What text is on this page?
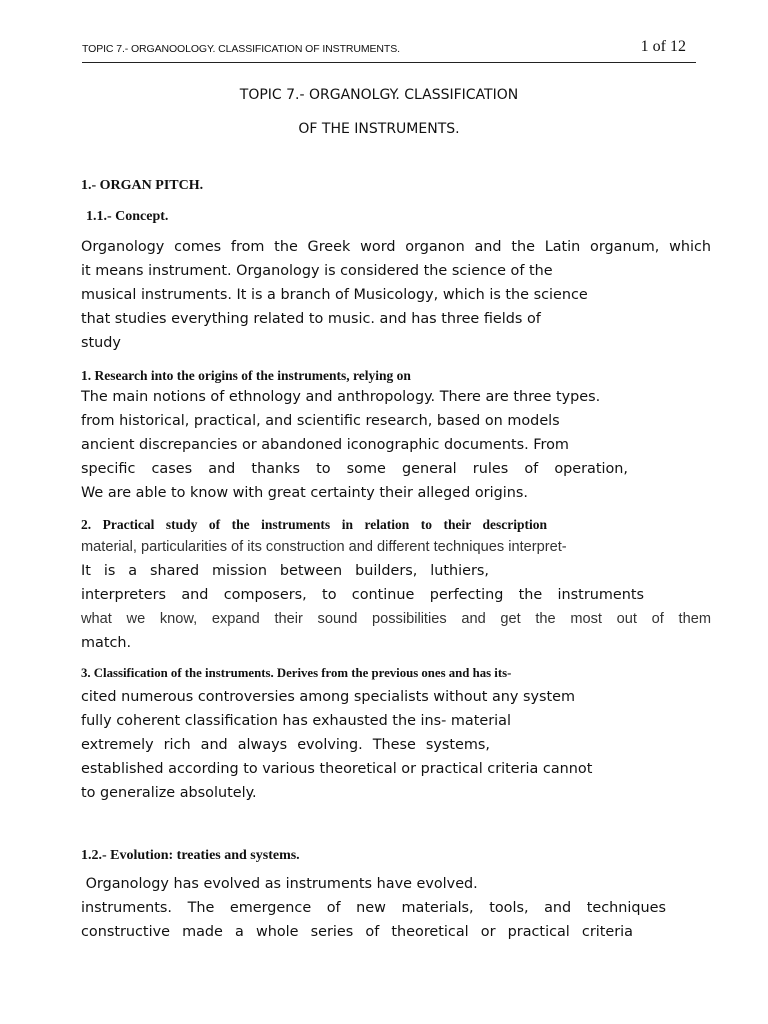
TOPIC 7.- ORGANOOLOGY. CLASSIFICATION OF INSTRUMENTS.	1 of 12
TOPIC 7.- ORGANOLGY. CLASSIFICATION
OF THE INSTRUMENTS.
1.- ORGAN PITCH.
1.1.- Concept.
Organology comes from the Greek word organon and the Latin organum, which
it means instrument. Organology is considered the science of the
musical instruments. It is a branch of Musicology, which is the science
that studies everything related to music. and has three fields of
study
1. Research into the origins of the instruments, relying on
The main notions of ethnology and anthropology. There are three types.
from historical, practical, and scientific research, based on models
ancient discrepancies or abandoned iconographic documents. From
specific cases and thanks to some general rules of operation,
We are able to know with great certainty their alleged origins.
2. Practical study of the instruments in relation to their description
material, particularities of its construction and different techniques interpret-
It is a shared mission between builders, luthiers,
interpreters and composers, to continue perfecting the instruments
what we know, expand their sound possibilities and get the most out of them
match.
3. Classification of the instruments. Derives from the previous ones and has its-
cited numerous controversies among specialists without any system
fully coherent classification has exhausted the ins- material
extremely rich and always evolving. These systems,
established according to various theoretical or practical criteria cannot
to generalize absolutely.
1.2.- Evolution: treaties and systems.
Organology has evolved as instruments have evolved.
instruments. The emergence of new materials, tools, and techniques
constructive made a whole series of theoretical or practical criteria
